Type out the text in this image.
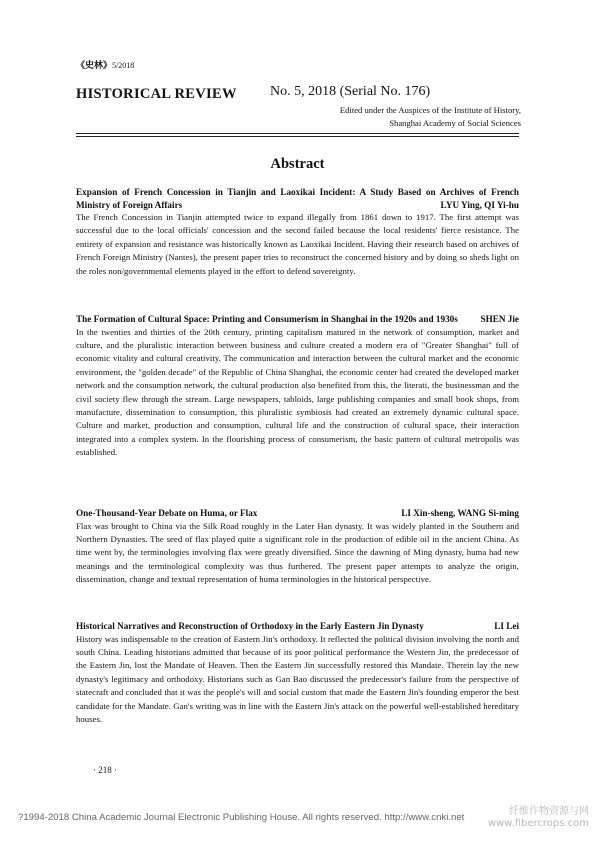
《史林》5/2018
HISTORICAL REVIEW No. 5, 2018 (Serial No. 176)
Edited under the Auspices of the Institute of History,
Shanghai Academy of Social Sciences
Abstract

Expansion of French Concession in Tianjin and Laoxikai Incident: A Study Based on Archives of French Ministry of Foreign Affairs	LYU Ying, QI Yi-hu

The French Concession in Tianjin attempted twice to expand illegally from 1861 down to 1917. The first attempt was successful due to the local officials' concession and the second failed because the local residents' fierce resistance. The entirety of expansion and resistance was historically known as Laoxikai Incident. Having their research based on archives of French Foreign Ministry (Nantes), the present paper tries to reconstruct the concerned history and by doing so sheds light on the roles non/governmental elements played in the effort to defend sovereignty.

The Formation of Cultural Space: Printing and Consumerism in Shanghai in the 1920s and 1930s SHEN Jie

In the twenties and thirties of the 20th century, printing capitalism matured in the network of consumption, market and culture, and the pluralistic interaction between business and culture created a modern era of "Greater Shanghai" full of economic vitality and cultural creativity. The communication and interaction between the cultural market and the economic environment, the "golden decade" of the Republic of China Shanghai, the economic center had created the developed market network and the consumption network, the cultural production also benefited from this, the literati, the businessman and the civil society flew through the stream. Large newspapers, tabloids, large publishing companies and small book shops, from manufacture, dissemination to consumption, this pluralistic symbiosis had created an extremely dynamic cultural space. Culture and market, production and consumption, cultural life and the construction of cultural space, their interaction integrated into a complex system. In the flourishing process of consumerism, the basic pattern of cultural metropolis was established.

One-Thousand-Year Debate on Huma, or Flax	LI Xin-sheng, WANG Si-ming

Flax was brought to China via the Silk Road roughly in the Later Han dynasty. It was widely planted in the Southern and Northern Dynasties. The seed of flax played quite a significant role in the production of edible oil in the ancient China. As time went by, the terminologies involving flax were greatly diversified. Since the dawning of Ming dynasty, huma had new meanings and the terminological complexity was thus furthered. The present paper attempts to analyze the origin, dissemination, change and textual representation of huma terminologies in the historical perspective.

Historical Narratives and Reconstruction of Orthodoxy in the Early Eastern Jin Dynasty	LI Lei

History was indispensable to the creation of Eastern Jin's orthodoxy. It reflected the political division involving the north and south China. Leading historians admitted that because of its poor political performance the Western Jin, the predecessor of the Eastern Jin, lost the Mandate of Heaven. Then the Eastern Jin successfully restored this Mandate. Therein lay the new dynasty's legitimacy and orthodoxy. Historians such as Gan Bao discussed the predecessor's failure from the perspective of statecraft and concluded that it was the people's will and social custom that made the Eastern Jin's founding emperor the best candidate for the Mandate. Gan's writing was in line with the Eastern Jin's attack on the powerful well-established hereditary houses.

· 218 ·
?1994-2018 China Academic Journal Electronic Publishing House. All rights reserved. http://www.cnki.net
纤维作物资源与网
www.fibercrops.com
